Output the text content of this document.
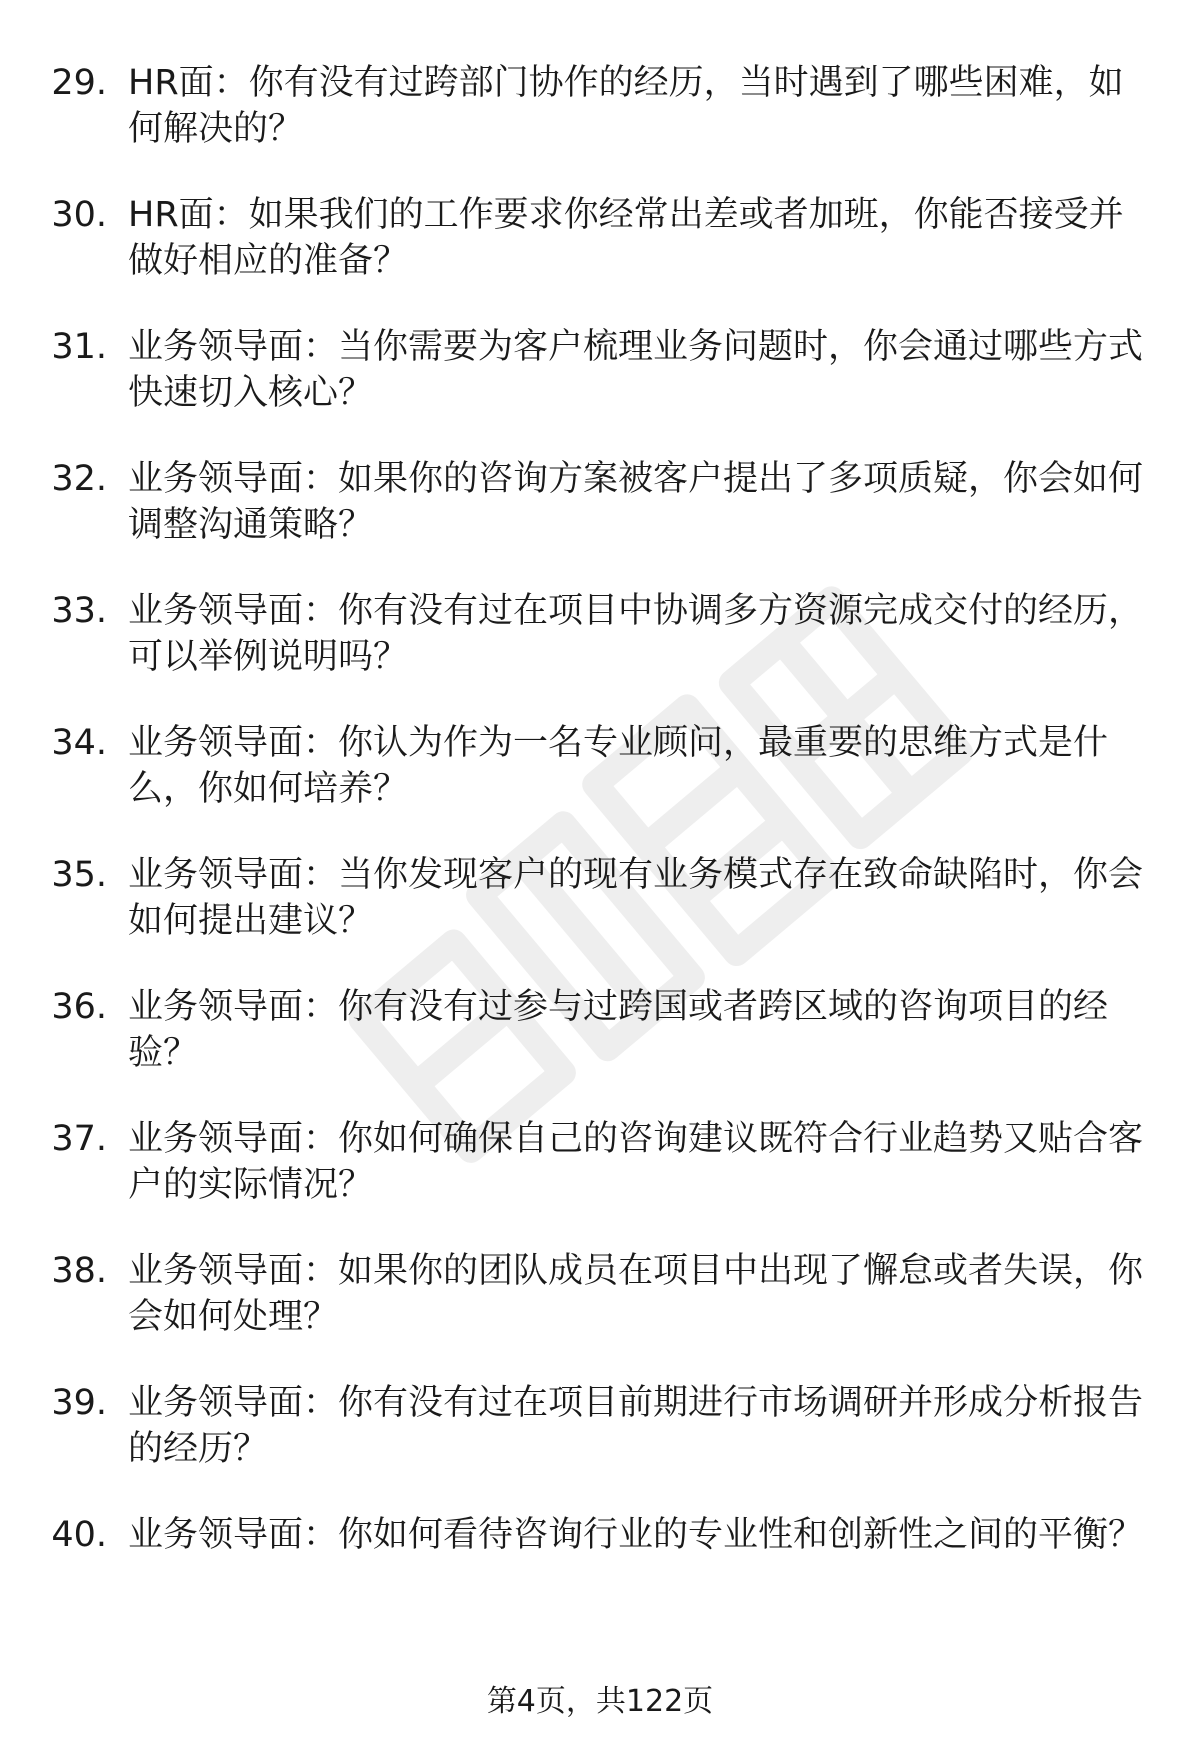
29. HR面：你有没有过跨部门协作的经历，当时遇到了哪些困难，如何解决的？
30. HR面：如果我们的工作要求你经常出差或者加班，你能否接受并做好相应的准备？
31. 业务领导面：当你需要为客户梳理业务问题时，你会通过哪些方式快速切入核心？
32. 业务领导面：如果你的咨询方案被客户提出了多项质疑，你会如何调整沟通策略？
33. 业务领导面：你有没有过在项目中协调多方资源完成交付的经历，可以举例说明吗？
34. 业务领导面：你认为作为一名专业顾问，最重要的思维方式是什么，你如何培养？
35. 业务领导面：当你发现客户的现有业务模式存在致命缺陷时，你会如何提出建议？
36. 业务领导面：你有没有过参与过跨国或者跨区域的咨询项目的经验？
37. 业务领导面：你如何确保自己的咨询建议既符合行业趋势又贴合客户的实际情况？
38. 业务领导面：如果你的团队成员在项目中出现了懈怠或者失误，你会如何处理？
39. 业务领导面：你有没有过在项目前期进行市场调研并形成分析报告的经历？
40. 业务领导面：你如何看待咨询行业的专业性和创新性之间的平衡？
第4页，共122页
